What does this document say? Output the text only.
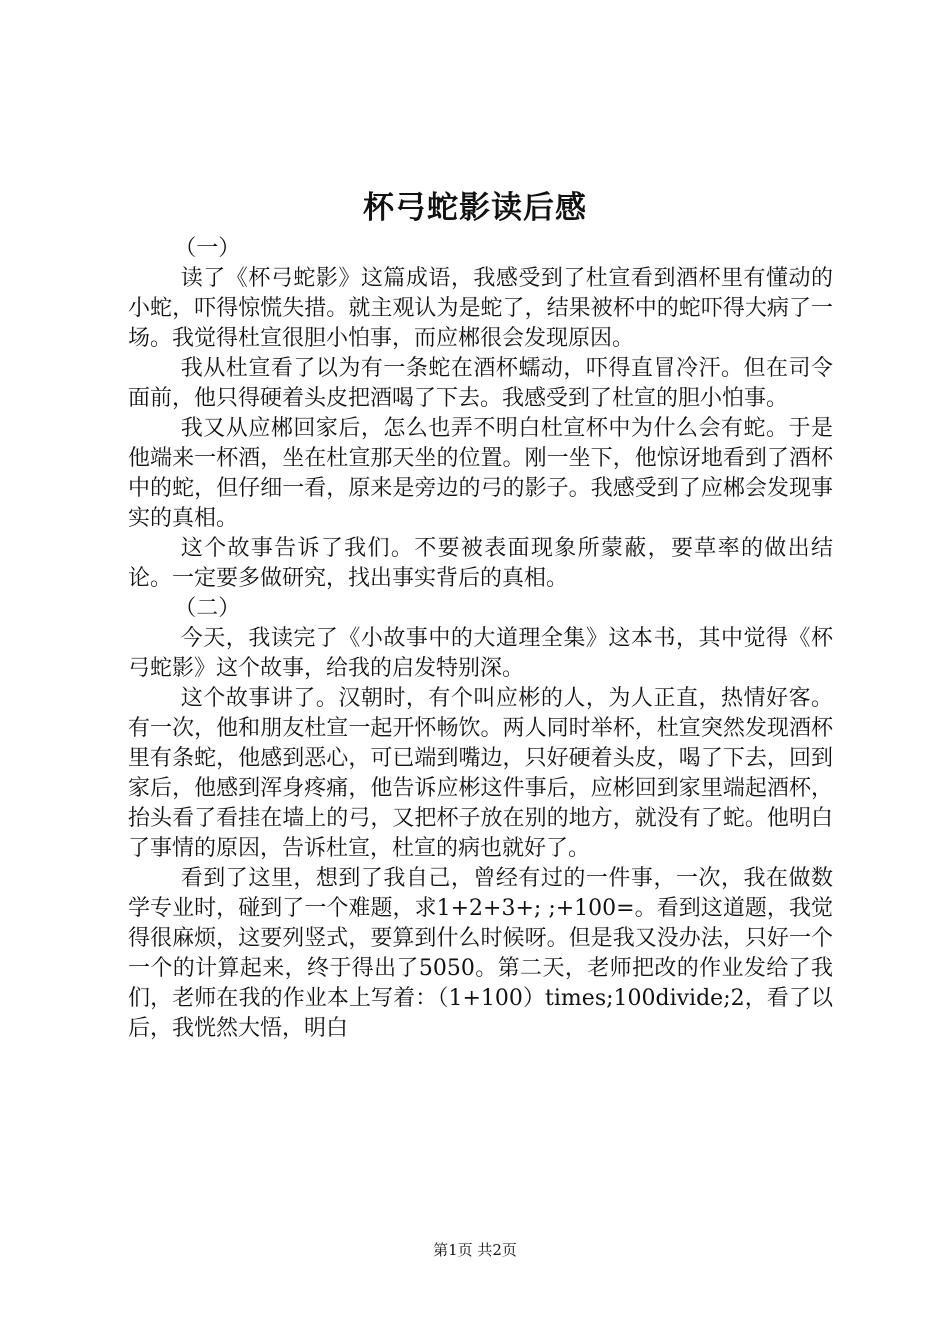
杯弓蛇影读后感

（一）

读了《杯弓蛇影》这篇成语，我感受到了杜宣看到酒杯里有懂动的小蛇，吓得惊慌失措。就主观认为是蛇了，结果被杯中的蛇吓得大病了一场。我觉得杜宣很胆小怕事，而应郴很会发现原因。

我从杜宣看了以为有一条蛇在酒杯蠕动，吓得直冒冷汗。但在司令面前，他只得硬着头皮把酒喝了下去。我感受到了杜宣的胆小怕事。

我又从应郴回家后，怎么也弄不明白杜宣杯中为什么会有蛇。于是他端来一杯酒，坐在杜宣那天坐的位置。刚一坐下，他惊讶地看到了酒杯中的蛇，但仔细一看，原来是旁边的弓的影子。我感受到了应郴会发现事实的真相。

这个故事告诉了我们。不要被表面现象所蒙蔽，要草率的做出结论。一定要多做研究，找出事实背后的真相。

（二）

今天，我读完了《小故事中的大道理全集》这本书，其中觉得《杯弓蛇影》这个故事，给我的启发特别深。

这个故事讲了。汉朝时，有个叫应彬的人，为人正直，热情好客。有一次，他和朋友杜宣一起开怀畅饮。两人同时举杯，杜宣突然发现酒杯里有条蛇，他感到恶心，可已端到嘴边，只好硬着头皮，喝了下去，回到家后，他感到浑身疼痛，他告诉应彬这件事后，应彬回到家里端起酒杯，抬头看了看挂在墙上的弓，又把杯子放在别的地方，就没有了蛇。他明白了事情的原因，告诉杜宣，杜宣的病也就好了。

看到了这里，想到了我自己，曾经有过的一件事，一次，我在做数学专业时，碰到了一个难题，求1+2+3+; ;+100=。看到这道题，我觉得很麻烦，这要列竖式，要算到什么时候呀。但是我又没办法，只好一个一个的计算起来，终于得出了5050。第二天，老师把改的作业发给了我们，老师在我的作业本上写着：（1+100）times;100divide;2，看了以后，我恍然大悟，明白

第1页 共2页
